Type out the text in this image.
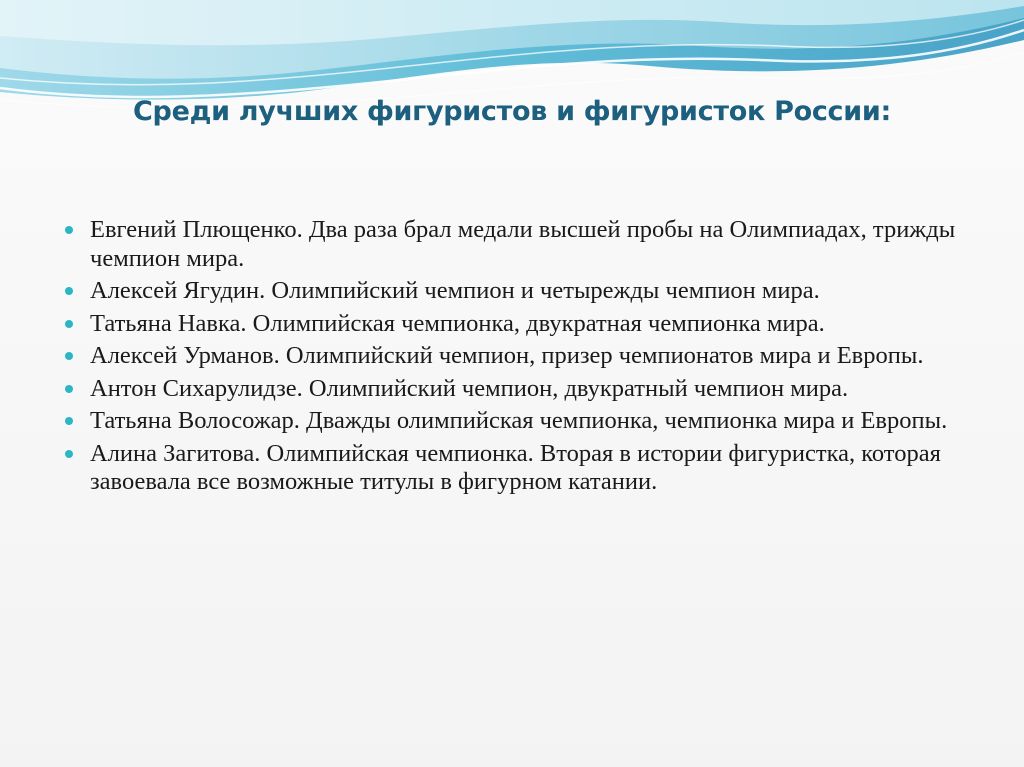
Среди лучших фигуристов и фигуристок России:
Евгений Плющенко. Два раза брал медали высшей пробы на Олимпиадах, трижды чемпион мира.
Алексей Ягудин. Олимпийский чемпион и четырежды чемпион мира.
Татьяна Навка. Олимпийская чемпионка, двукратная чемпионка мира.
Алексей Урманов. Олимпийский чемпион, призер чемпионатов мира и Европы.
Антон Сихарулидзе. Олимпийский чемпион, двукратный чемпион мира.
Татьяна Волосожар. Дважды олимпийская чемпионка, чемпионка мира и Европы.
Алина Загитова. Олимпийская чемпионка. Вторая в истории фигуристка, которая завоевала все возможные титулы в фигурном катании.
